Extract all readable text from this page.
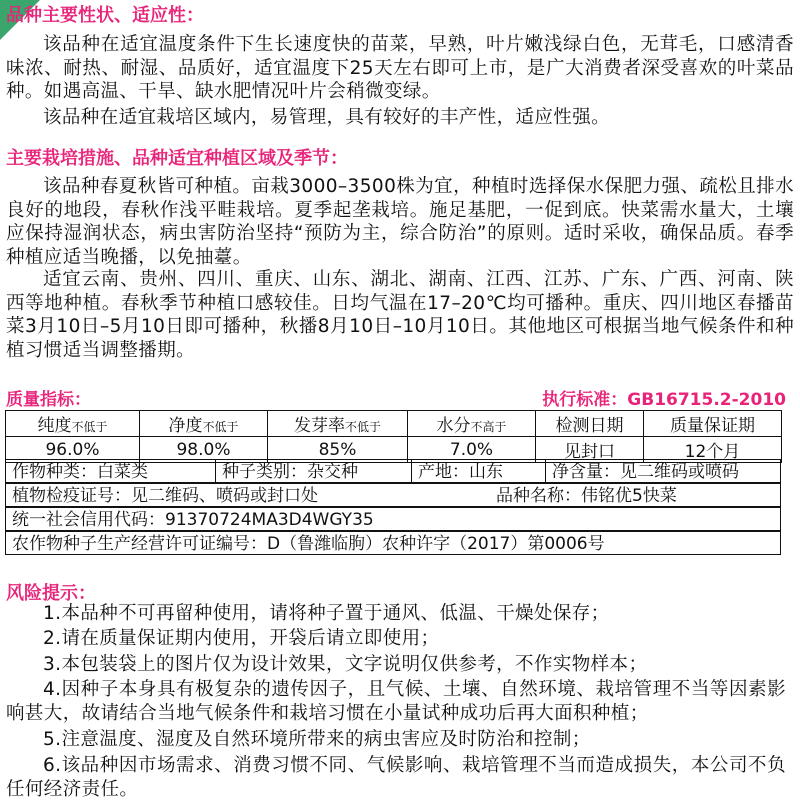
品种主要性状、适应性：
该品种在适宜温度条件下生长速度快的苗菜，早熟，叶片嫩浅绿白色，无茸毛，口感清香味浓、耐热、耐湿、品质好，适宜温度下25天左右即可上市，是广大消费者深受喜欢的叶菜品种。如遇高温、干旱、缺水肥情况叶片会稍微变绿。
该品种在适宜栽培区域内，易管理，具有较好的丰产性，适应性强。
主要栽培措施、品种适宜种植区域及季节：
该品种春夏秋皆可种植。亩栽3000–3500株为宜，种植时选择保水保肥力强、疏松且排水良好的地段，春秋作浅平畦栽培。夏季起垄栽培。施足基肥，一促到底。快菜需水量大，土壤应保持湿润状态，病虫害防治坚持“预防为主，综合防治”的原则。适时采收，确保品质。春季种植应适当晚播，以免抽薹。
适宜云南、贵州、四川、重庆、山东、湖北、湖南、江西、江苏、广东、广西、河南、陕西等地种植。春秋季节种植口感较佳。日均气温在17–20℃均可播种。重庆、四川地区春播苗菜3月10日–5月10日即可播种，秋播8月10日–10月10日。其他地区可根据当地气候条件和种植习惯适当调整播期。
质量指标：	执行标准：GB16715.2-2010
纯度不低于	净度不低于	发芽率不低于	水分不高于	检测日期	质量保证期
96.0%	98.0%	85%	7.0%	见封口	12个月
作物种类：白菜类	种子类别：杂交种	产地：山东	净含量：见二维码或喷码
植物检疫证号：见二维码、喷码或封口处	品种名称：伟铭优5快菜
统一社会信用代码：91370724MA3D4WGY35
农作物种子生产经营许可证编号：D（鲁潍临朐）农种许字（2017）第0006号
风险提示：
1.本品种不可再留种使用，请将种子置于通风、低温、干燥处保存；
2.请在质量保证期内使用，开袋后请立即使用；
3.本包装袋上的图片仅为设计效果，文字说明仅供参考，不作实物样本；
4.因种子本身具有极复杂的遗传因子，且气候、土壤、自然环境、栽培管理不当等因素影响甚大，故请结合当地气候条件和栽培习惯在小量试种成功后再大面积种植；
5.注意温度、湿度及自然环境所带来的病虫害应及时防治和控制；
6.该品种因市场需求、消费习惯不同、气候影响、栽培管理不当而造成损失，本公司不负任何经济责任。
